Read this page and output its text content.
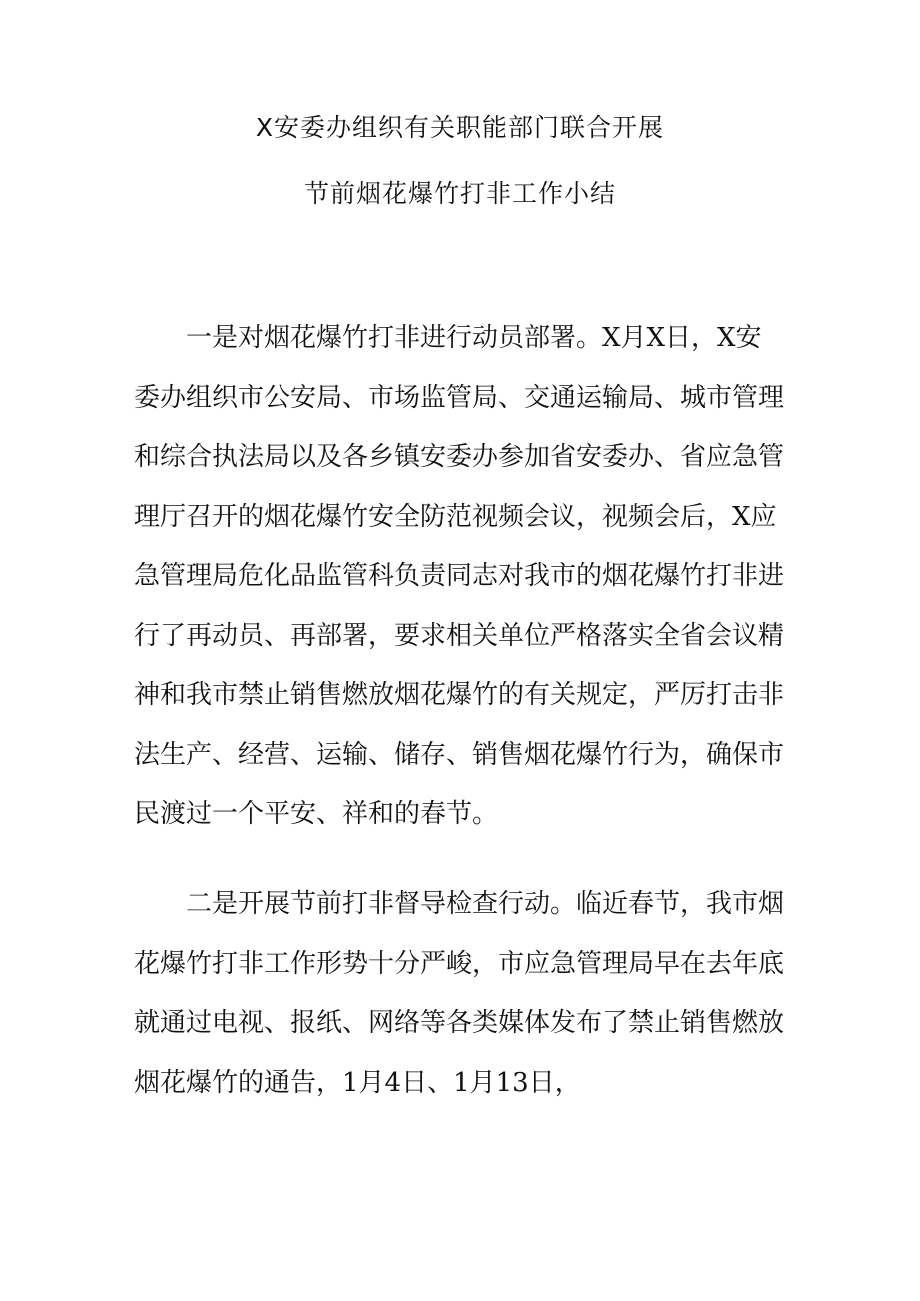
X安委办组织有关职能部门联合开展
节前烟花爆竹打非工作小结
一是对烟花爆竹打非进行动员部署。X月X日，X安
委办组织市公安局、市场监管局、交通运输局、城市管理
和综合执法局以及各乡镇安委办参加省安委办、省应急管
理厅召开的烟花爆竹安全防范视频会议，视频会后，X应
急管理局危化品监管科负责同志对我市的烟花爆竹打非进
行了再动员、再部署，要求相关单位严格落实全省会议精
神和我市禁止销售燃放烟花爆竹的有关规定，严厉打击非
法生产、经营、运输、储存、销售烟花爆竹行为，确保市
民渡过一个平安、祥和的春节。
二是开展节前打非督导检查行动。临近春节，我市烟
花爆竹打非工作形势十分严峻，市应急管理局早在去年底
就通过电视、报纸、网络等各类媒体发布了禁止销售燃放
烟花爆竹的通告，1月4日、1月13日，
